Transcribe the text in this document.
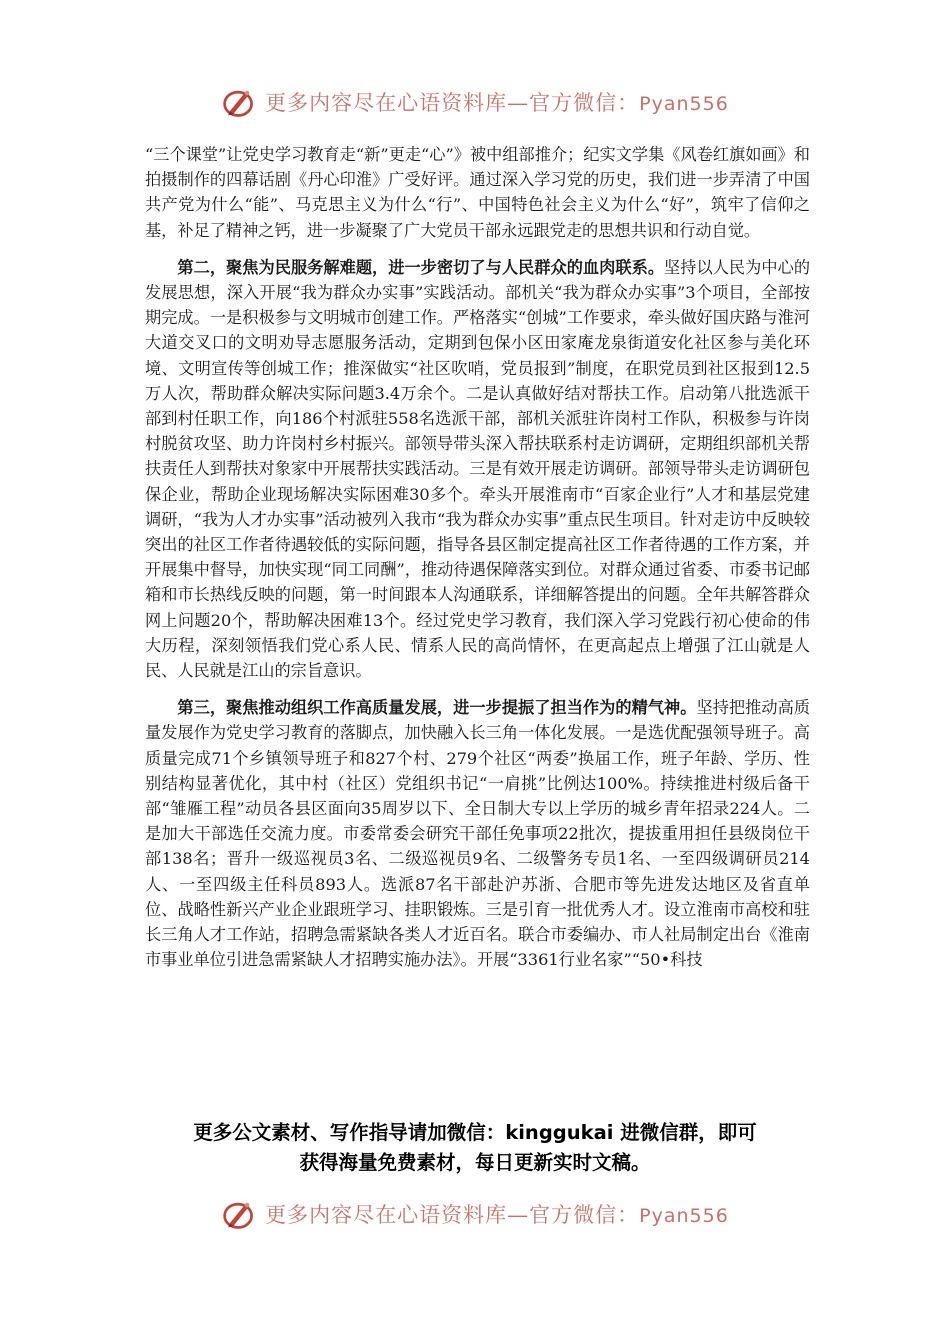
更多内容尽在心语资料库—官方微信：Pyan556

“三个课堂”让党史学习教育走“新”更走“心”》被中组部推介；纪实文学集《风卷红旗如画》和拍摄制作的四幕话剧《丹心印淮》广受好评。通过深入学习党的历史，我们进一步弄清了中国共产党为什么“能”、马克思主义为什么“行”、中国特色社会主义为什么“好”，筑牢了信仰之基，补足了精神之钙，进一步凝聚了广大党员干部永远跟党走的思想共识和行动自觉。

第二，聚焦为民服务解难题，进一步密切了与人民群众的血肉联系。坚持以人民为中心的发展思想，深入开展“我为群众办实事”实践活动。部机关“我为群众办实事”3个项目，全部按期完成。一是积极参与文明城市创建工作。严格落实“创城”工作要求，牵头做好国庆路与淮河大道交叉口的文明劝导志愿服务活动，定期到包保小区田家庵龙泉街道安化社区参与美化环境、文明宣传等创城工作；推深做实“社区吹哨，党员报到”制度，在职党员到社区报到12.5万人次，帮助群众解决实际问题3.4万余个。二是认真做好结对帮扶工作。启动第八批选派干部到村任职工作，向186个村派驻558名选派干部，部机关派驻许岗村工作队，积极参与许岗村脱贫攻坚、助力许岗村乡村振兴。部领导带头深入帮扶联系村走访调研，定期组织部机关帮扶责任人到帮扶对象家中开展帮扶实践活动。三是有效开展走访调研。部领导带头走访调研包保企业，帮助企业现场解决实际困难30多个。牵头开展淮南市“百家企业行”人才和基层党建调研，“我为人才办实事”活动被列入我市“我为群众办实事”重点民生项目。针对走访中反映较突出的社区工作者待遇较低的实际问题，指导各县区制定提高社区工作者待遇的工作方案，并开展集中督导，加快实现“同工同酬”，推动待遇保障落实到位。对群众通过省委、市委书记邮箱和市长热线反映的问题，第一时间跟本人沟通联系，详细解答提出的问题。全年共解答群众网上问题20个，帮助解决困难13个。经过党史学习教育，我们深入学习党践行初心使命的伟大历程，深刻领悟我们党心系人民、情系人民的高尚情怀，在更高起点上增强了江山就是人民、人民就是江山的宗旨意识。

第三，聚焦推动组织工作高质量发展，进一步提振了担当作为的精气神。坚持把推动高质量发展作为党史学习教育的落脚点，加快融入长三角一体化发展。一是选优配强领导班子。高质量完成71个乡镇领导班子和827个村、279个社区“两委”换届工作，班子年龄、学历、性别结构显著优化，其中村（社区）党组织书记“一肩挑”比例达100%。持续推进村级后备干部“雏雁工程”动员各县区面向35周岁以下、全日制大专以上学历的城乡青年招录224人。二是加大干部选任交流力度。市委常委会研究干部任免事项22批次，提拔重用担任县级岗位干部138名；晋升一级巡视员3名、二级巡视员9名、二级警务专员1名、一至四级调研员214人、一至四级主任科员893人。选派87名干部赴沪苏浙、合肥市等先进发达地区及省直单位、战略性新兴产业企业跟班学习、挂职锻炼。三是引育一批优秀人才。设立淮南市高校和驻长三角人才工作站，招聘急需紧缺各类人才近百名。联合市委编办、市人社局制定出台《淮南市事业单位引进急需紧缺人才招聘实施办法》。开展“3361行业名家”“50•科技

更多公文素材、写作指导请加微信：kinggukai 进微信群，即可
获得海量免费素材，每日更新实时文稿。
更多内容尽在心语资料库—官方微信：Pyan556
